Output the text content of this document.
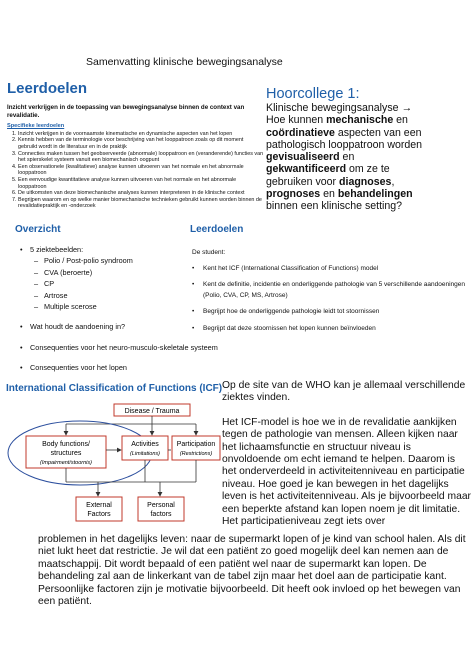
Samenvatting klinische bewegingsanalyse
Leerdoelen
Inzicht verkrijgen in de toepassing van bewegingsanalyse binnen de context van revalidatie.
Specifieke leerdoelen
1. Inzicht verkrijgen in de voornaamste kinematische en dynamische aspecten van het lopen
2. Kennis hebben van de terminologie voor beschrijving van het looppatroon zoals op dit moment gebruikt wordt in de literatuur en in de praktijk
3. Connecties maken tussen het geobserveerde (abnormale) looppatroon en (veranderende) functies van het spierskelet systeem vanuit een biomechanisch oogpunt
4. Een observationele (kwalitatieve) analyse kunnen uitvoeren van het normale en het abnormale looppatroon
5. Een eenvoudige kwantitatieve analyse kunnen uitvoeren van het normale en het abnormale looppatroon
6. De uitkomsten van deze biomechanische analyses kunnen interpreteren in de klinische context
7. Begrijpen waarom en op welke manier biomechanische technieken gebruikt kunnen worden binnen de revalidatiepraktijk en -onderzoek
Hoorcollege 1:
Klinische bewegingsanalyse →
Hoe kunnen mechanische en
coördinatieve aspecten van een
pathologisch looppatroon worden
gevisualiseerd en
gekwantificeerd om ze te
gebruiken voor diagnoses,
prognoses en behandelingen
binnen een klinische setting?
Overzicht
• 5 ziektebeelden:
– Polio / Post-polio syndroom
– CVA (beroerte)
– CP
– Artrose
– Multiple scerose
• Wat houdt de aandoening in?
• Consequenties voor het neuro-musculo-skeletale systeem
• Consequenties voor het lopen
Leerdoelen
De student:
• Kent het ICF (International Classification of Functions) model
• Kent de definitie, incidentie en onderliggende pathologie van 5 verschillende aandoeningen (Polio, CVA, CP, MS, Artrose)
• Begrijpt hoe de onderliggende pathologie leidt tot stoornissen
• Begrijpt dat deze stoornissen het lopen kunnen beïnvloeden
International Classification of Functions (ICF)
Disease / Trauma
Body functions/
structures
(Impairment/stoornis)
Activities
(Limitations)
Participation
(Restrictions)
External
Factors
Personal
factors

Op de site van de WHO kan je allemaal verschillende ziektes vinden.

Het ICF-model is hoe we in de revalidatie aankijken tegen de pathologie van mensen. Alleen kijken naar het lichaamsfunctie en structuur niveau is onvoldoende om echt iemand te helpen. Daarom is het onderverdeeld in activiteitenniveau en participatie niveau. Hoe goed je kan bewegen in het dagelijks leven is het activiteitenniveau. Als je bijvoorbeeld maar een beperkte afstand kan lopen noem je dit limitatie. Het participatieniveau zegt iets over

problemen in het dagelijks leven: naar de supermarkt lopen of je kind van school halen. Als dit niet lukt heet dat restrictie. Je wil dat een patiënt zo goed mogelijk deel kan nemen aan de maatschappij. Dit wordt bepaald of een patiënt wel naar de supermarkt kan lopen. De behandeling zal aan de linkerkant van de tabel zijn maar het doel aan de participatie kant. Persoonlijke factoren zijn je motivatie bijvoorbeeld. Dit heeft ook invloed op het bewegen van een patiënt.
